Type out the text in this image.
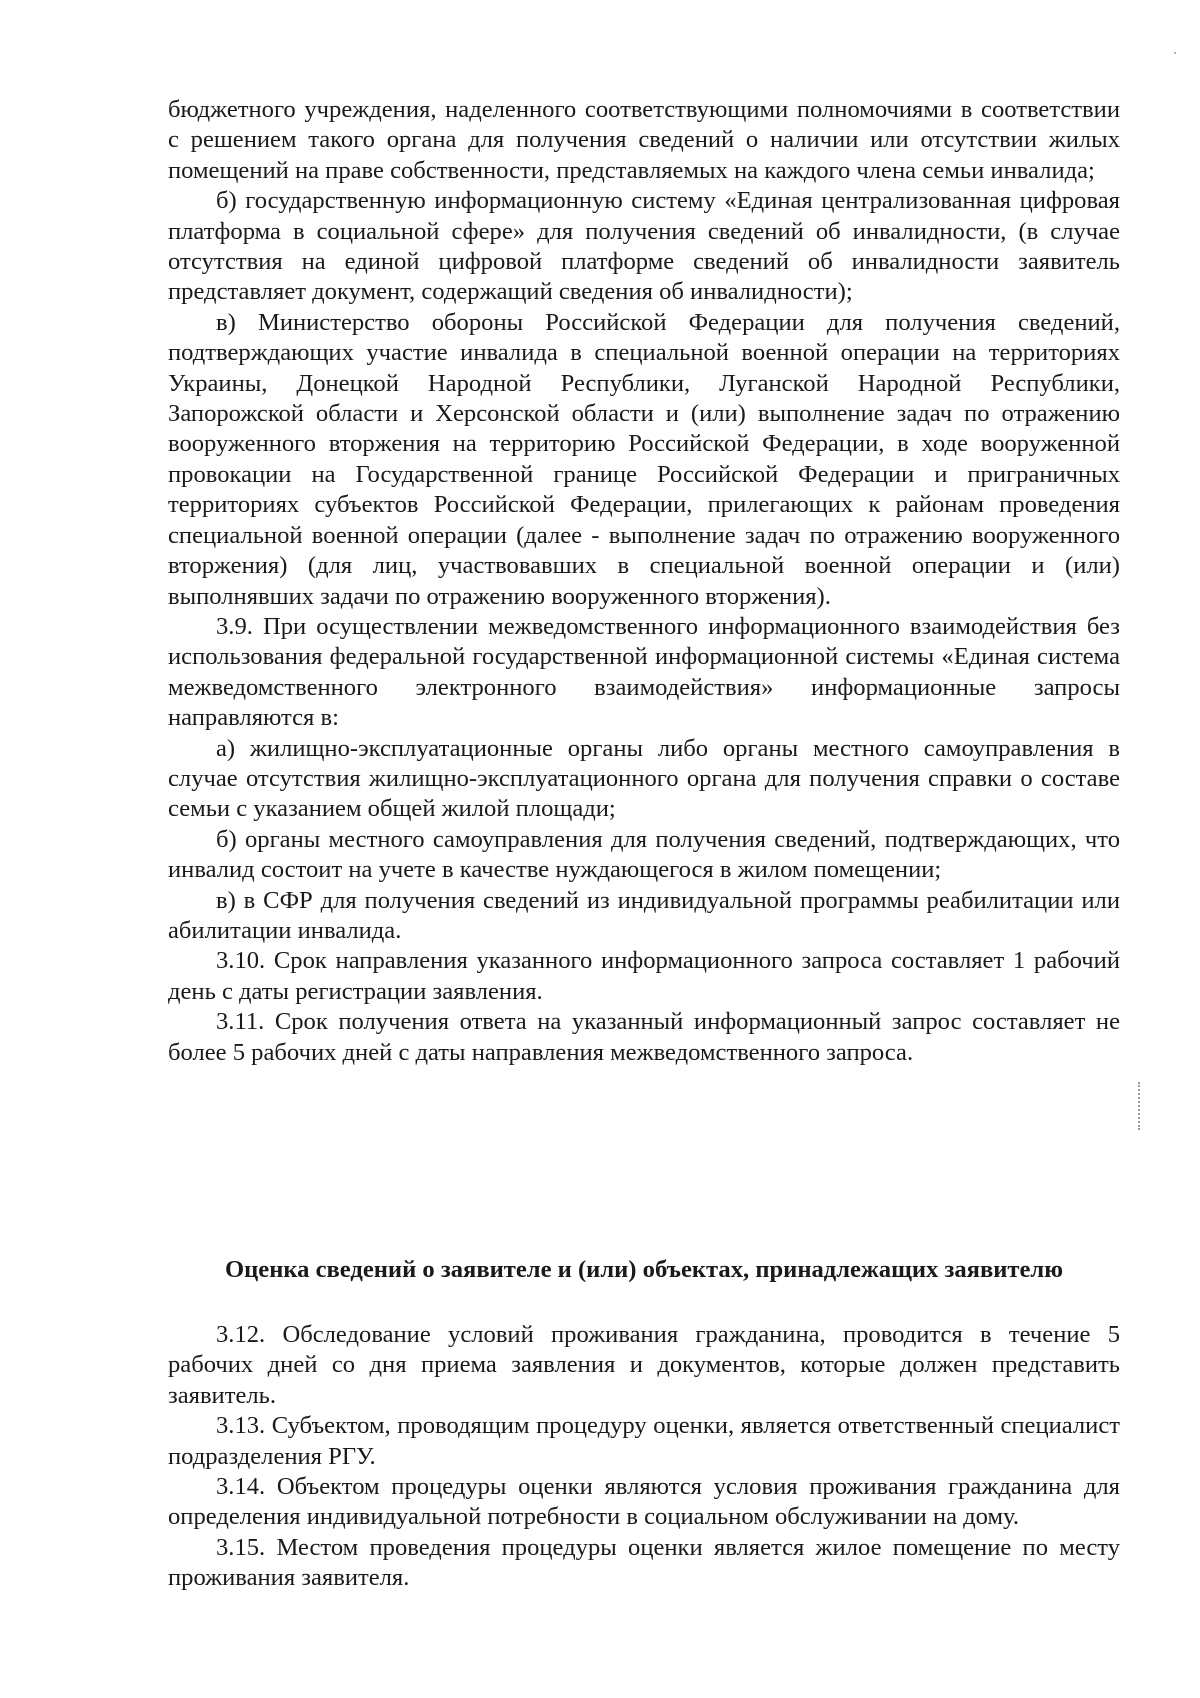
бюджетного учреждения, наделенного соответствующими полномочиями в соответствии с решением такого органа для получения сведений о наличии или отсутствии жилых помещений на праве собственности, представляемых на каждого члена семьи инвалида;

б) государственную информационную систему «Единая централизованная цифровая платформа в социальной сфере» для получения сведений об инвалидности, (в случае отсутствия на единой цифровой платформе сведений об инвалидности заявитель представляет документ, содержащий сведения об инвалидности);

в) Министерство обороны Российской Федерации для получения сведений, подтверждающих участие инвалида в специальной военной операции на территориях Украины, Донецкой Народной Республики, Луганской Народной Республики, Запорожской области и Херсонской области и (или) выполнение задач по отражению вооруженного вторжения на территорию Российской Федерации, в ходе вооруженной провокации на Государственной границе Российской Федерации и приграничных территориях субъектов Российской Федерации, прилегающих к районам проведения специальной военной операции (далее - выполнение задач по отражению вооруженного вторжения) (для лиц, участвовавших в специальной военной операции и (или) выполнявших задачи по отражению вооруженного вторжения).

3.9. При осуществлении межведомственного информационного взаимодействия без использования федеральной государственной информационной системы «Единая система межведомственного электронного взаимодействия» информационные запросы направляются в:

а) жилищно-эксплуатационные органы либо органы местного самоуправления в случае отсутствия жилищно-эксплуатационного органа для получения справки о составе семьи с указанием общей жилой площади;

б) органы местного самоуправления для получения сведений, подтверждающих, что инвалид состоит на учете в качестве нуждающегося в жилом помещении;

в) в СФР для получения сведений из индивидуальной программы реабилитации или абилитации инвалида.

3.10. Срок направления указанного информационного запроса составляет 1 рабочий день с даты регистрации заявления.

3.11. Срок получения ответа на указанный информационный запрос составляет не более 5 рабочих дней с даты направления межведомственного запроса.

Оценка сведений о заявителе и (или) объектах, принадлежащих заявителю

3.12. Обследование условий проживания гражданина, проводится в течение 5 рабочих дней со дня приема заявления и документов, которые должен представить заявитель.

3.13. Субъектом, проводящим процедуру оценки, является ответственный специалист подразделения РГУ.

3.14. Объектом процедуры оценки являются условия проживания гражданина для определения индивидуальной потребности в социальном обслуживании на дому.

3.15. Местом проведения процедуры оценки является жилое помещение по месту проживания заявителя.
